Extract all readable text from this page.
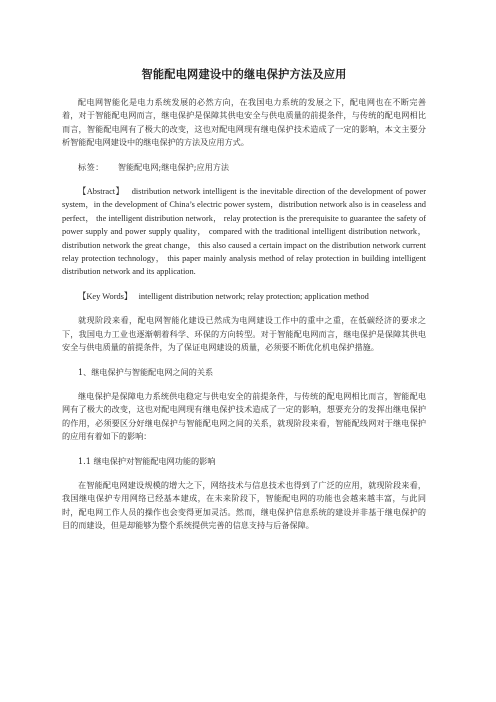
智能配电网建设中的继电保护方法及应用

配电网智能化是电力系统发展的必然方向，在我国电力系统的发展之下，配电网也在不断完善着，对于智能配电网而言，继电保护是保障其供电安全与供电质量的前提条件，与传统的配电网相比而言，智能配电网有了极大的改变，这也对配电网现有继电保护技术造成了一定的影响，本文主要分析智能配电网建设中的继电保护的方法及应用方式。

标签： 智能配电网;继电保护;应用方法

【Abstract】 distribution network intelligent is the inevitable direction of the development of power system，in the development of China’s electric power system，distribution network also is in ceaseless and perfect， the intelligent distribution network， relay protection is the prerequisite to guarantee the safety of power supply and power supply quality， compared with the traditional intelligent distribution network，distribution network the great change， this also caused a certain impact on the distribution network current relay protection technology， this paper mainly analysis method of relay protection in building intelligent distribution network and its application.

【Key Words】 intelligent distribution network; relay protection; application method

就现阶段来看，配电网智能化建设已然成为电网建设工作中的重中之重，在低碳经济的要求之下，我国电力工业也逐渐朝着科学、环保的方向转型。对于智能配电网而言，继电保护是保障其供电安全与供电质量的前提条件，为了保证电网建设的质量，必须要不断优化机电保护措施。

1、继电保护与智能配电网之间的关系

继电保护是保障电力系统供电稳定与供电安全的前提条件，与传统的配电网相比而言，智能配电网有了极大的改变，这也对配电网现有继电保护技术造成了一定的影响，想要充分的发挥出继电保护的作用，必须要区分好继电保护与智能配电网之间的关系，就现阶段来看，智能配线网对于继电保护的应用有着如下的影响：

1.1 继电保护对智能配电网功能的影响

在智能配电网建设规模的增大之下，网络技术与信息技术也得到了广泛的应用，就现阶段来看，我国继电保护专用网络已经基本建成，在未来阶段下，智能配电网的功能也会越来越丰富，与此同时，配电网工作人员的操作也会变得更加灵活。然而，继电保护信息系统的建设并非基于继电保护的目的而建设，但是却能够为整个系统提供完善的信息支持与后备保障。
